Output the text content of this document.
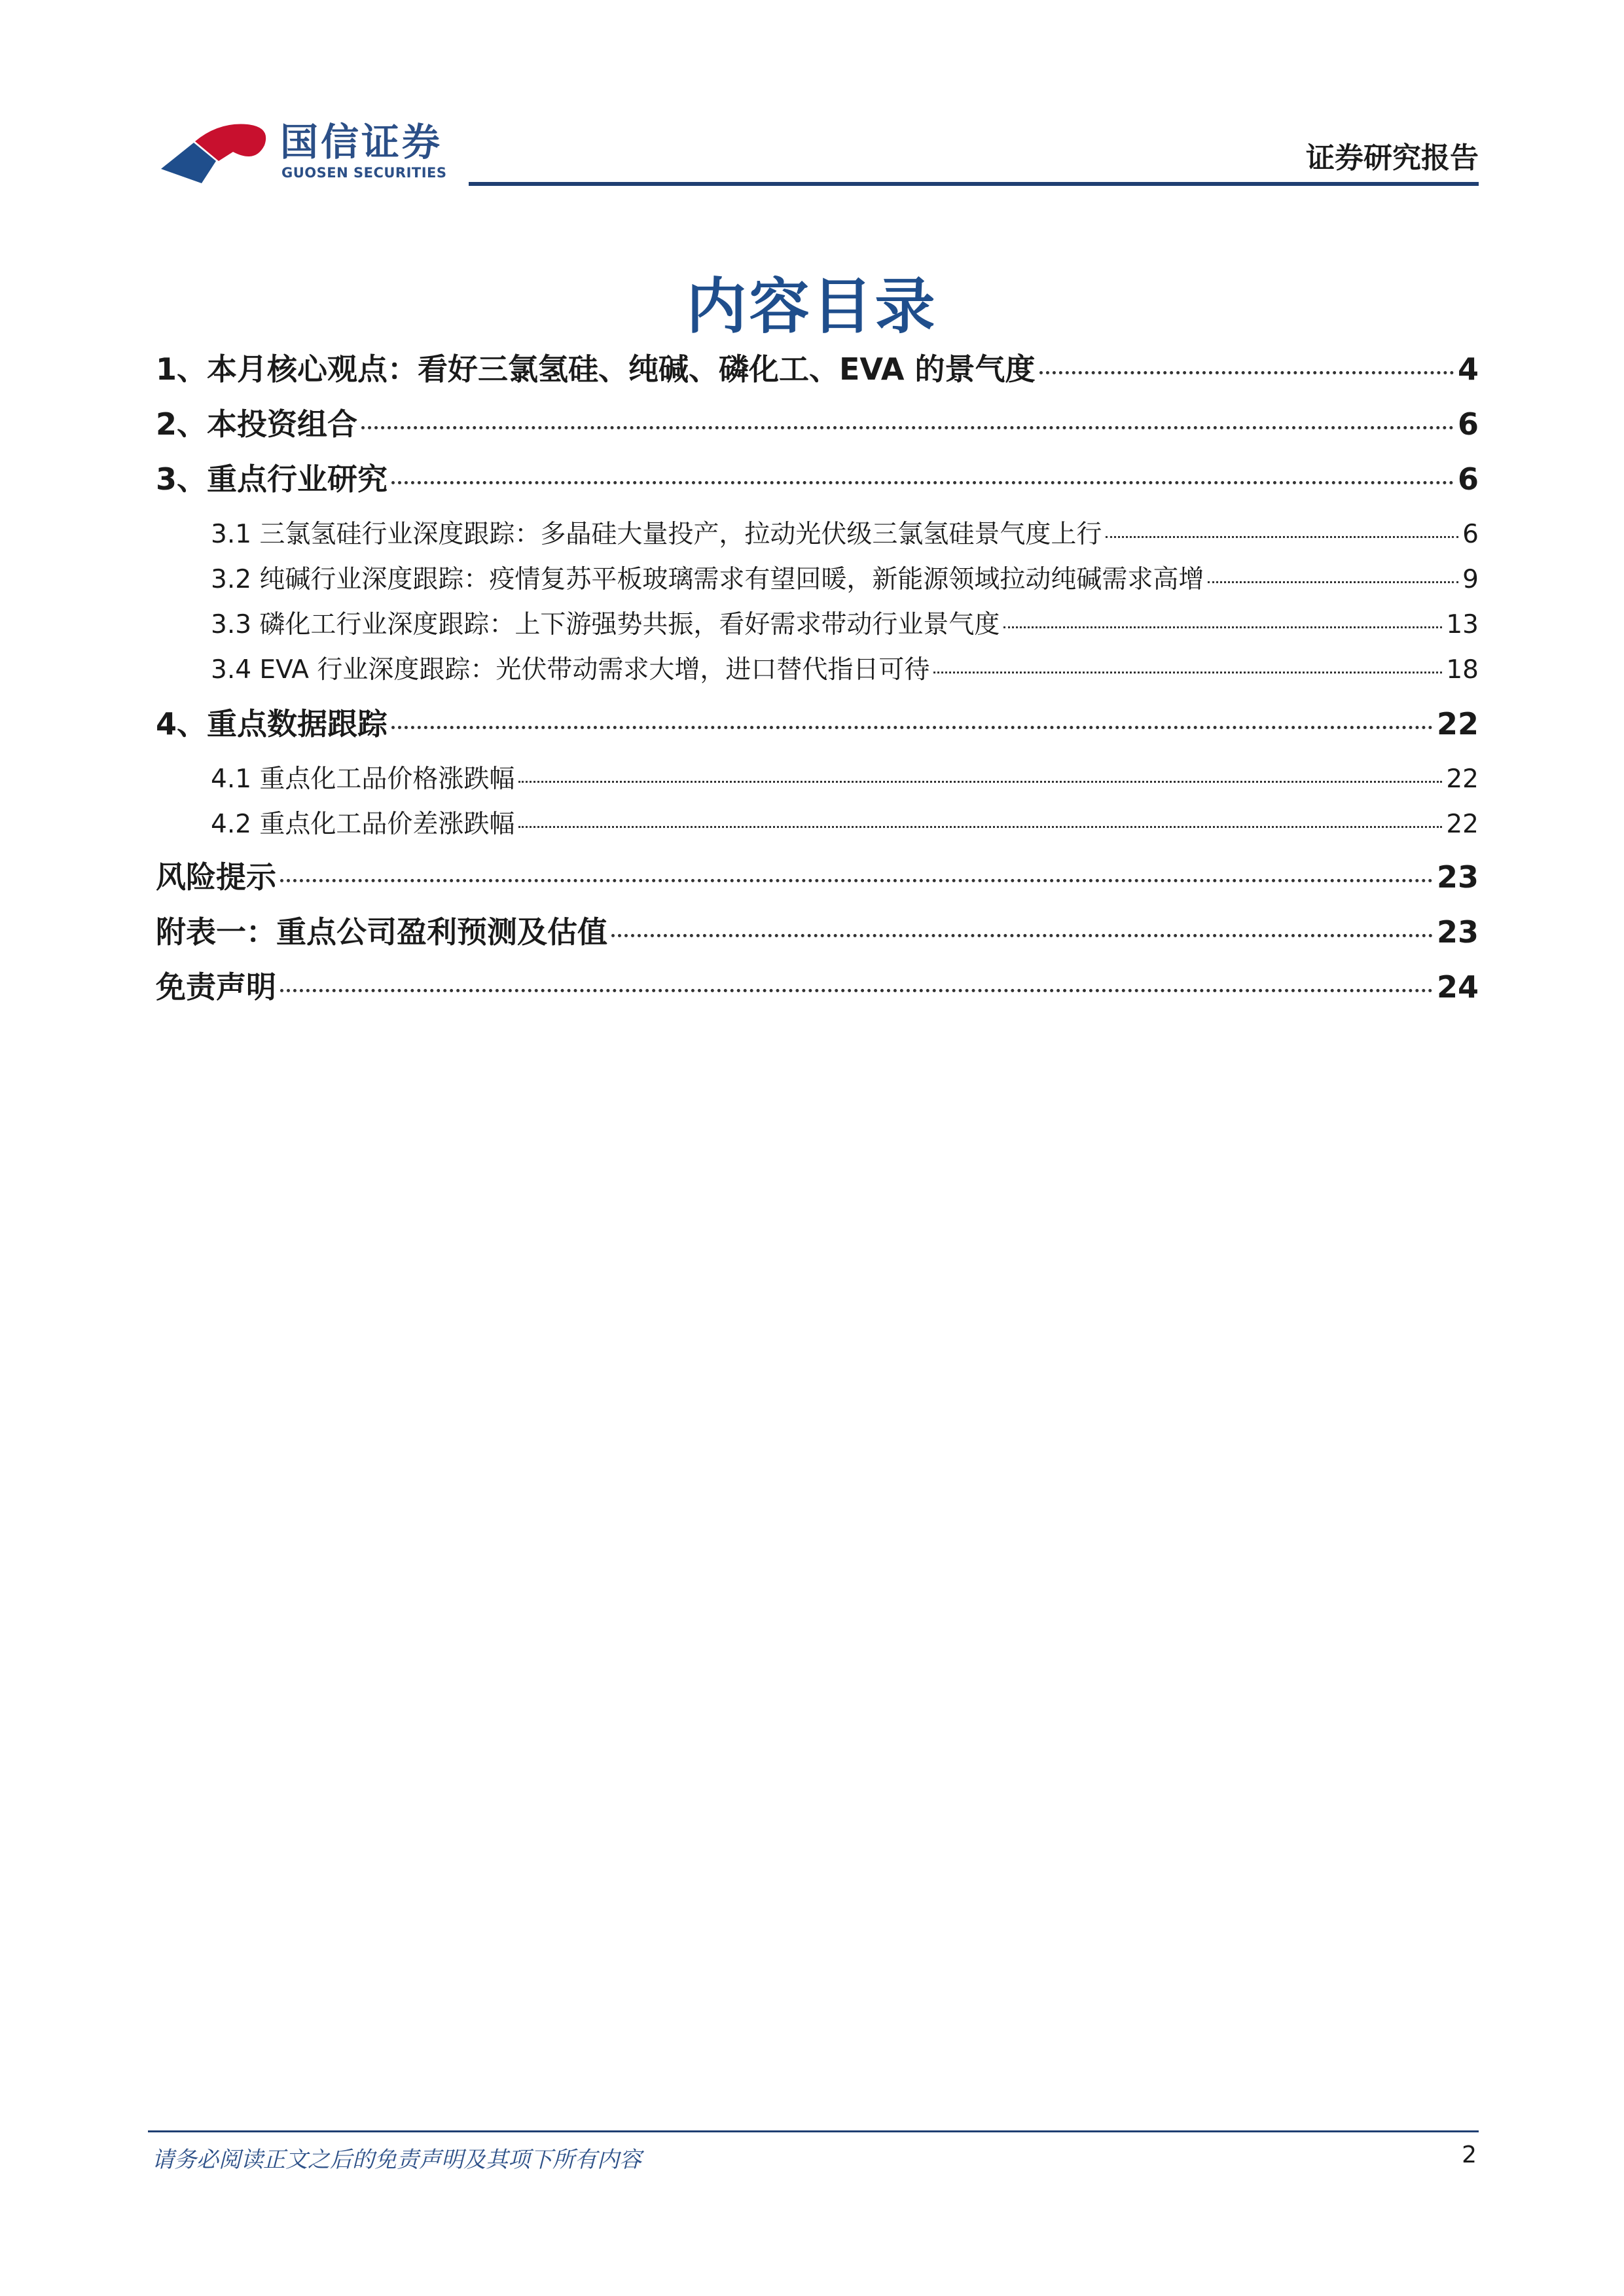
国信证券
GUOSEN SECURITIES	证券研究报告
内容目录
1、本月核心观点：看好三氯氢硅、纯碱、磷化工、EVA 的景气度	4
2、本投资组合	6
3、重点行业研究	6
3.1 三氯氢硅行业深度跟踪：多晶硅大量投产，拉动光伏级三氯氢硅景气度上行	6
3.2 纯碱行业深度跟踪：疫情复苏平板玻璃需求有望回暖，新能源领域拉动纯碱需求高增	9
3.3 磷化工行业深度跟踪：上下游强势共振，看好需求带动行业景气度	13
3.4 EVA 行业深度跟踪：光伏带动需求大增，进口替代指日可待	18
4、重点数据跟踪	22
4.1 重点化工品价格涨跌幅	22
4.2 重点化工品价差涨跌幅	22
风险提示	23
附表一：重点公司盈利预测及估值	23
免责声明	24
请务必阅读正文之后的免责声明及其项下所有内容	2
